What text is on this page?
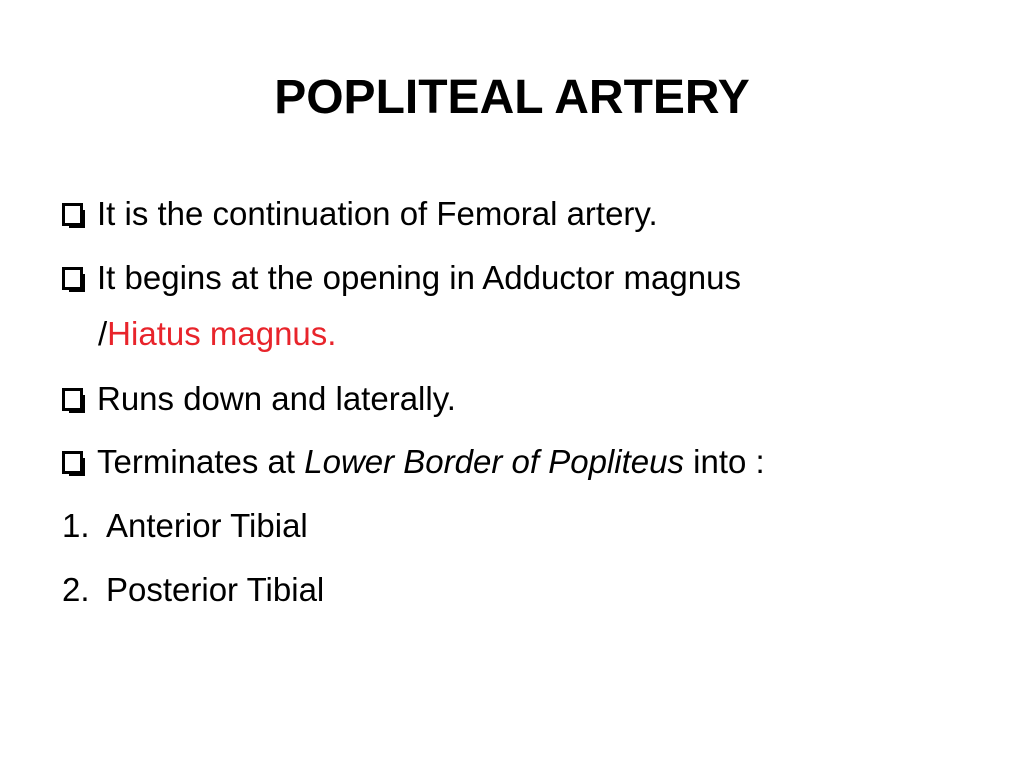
POPLITEAL ARTERY
It is the continuation of Femoral artery.
It begins at the opening in Adductor magnus
/Hiatus magnus.
Runs down and laterally.
Terminates at Lower Border of Popliteus into :
1. Anterior Tibial
2. Posterior Tibial
